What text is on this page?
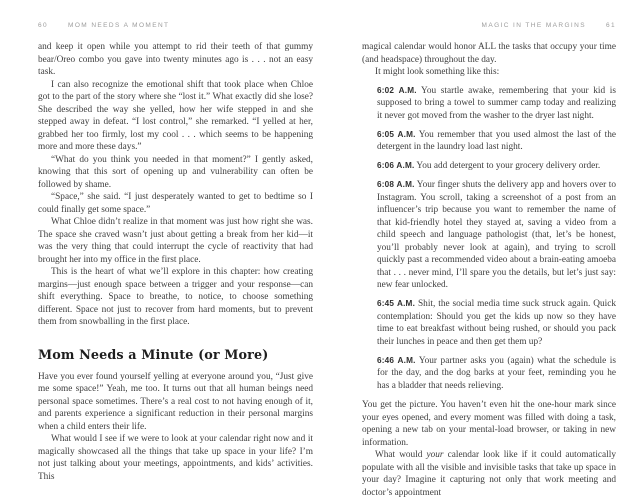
60	MOM NEEDS A MOMENT

and keep it open while you attempt to rid their teeth of that gummy bear/Oreo combo you gave into twenty minutes ago is . . . not an easy task.

I can also recognize the emotional shift that took place when Chloe got to the part of the story where she “lost it.” What exactly did she lose? She described the way she yelled, how her wife stepped in and she stepped away in defeat. “I lost control,” she remarked. “I yelled at her, grabbed her too firmly, lost my cool . . . which seems to be happening more and more these days.”

“What do you think you needed in that moment?” I gently asked, knowing that this sort of opening up and vulnerability can often be followed by shame.

“Space,” she said. “I just desperately wanted to get to bedtime so I could finally get some space.”

What Chloe didn’t realize in that moment was just how right she was. The space she craved wasn’t just about getting a break from her kid—it was the very thing that could interrupt the cycle of reactivity that had brought her into my office in the first place.

This is the heart of what we’ll explore in this chapter: how creating margins—just enough space between a trigger and your response—can shift everything. Space to breathe, to notice, to choose something different. Space not just to recover from hard moments, but to prevent them from snowballing in the first place.

Mom Needs a Minute (or More)

Have you ever found yourself yelling at everyone around you, “Just give me some space!” Yeah, me too. It turns out that all human beings need personal space sometimes. There’s a real cost to not having enough of it, and parents experience a significant reduction in their personal margins when a child enters their life.

What would I see if we were to look at your calendar right now and it magically showcased all the things that take up space in your life? I’m not just talking about your meetings, appointments, and kids’ activities. This

MAGIC IN THE MARGINS	61

magical calendar would honor ALL the tasks that occupy your time (and headspace) throughout the day.

It might look something like this:

6:02 A.M. You startle awake, remembering that your kid is supposed to bring a towel to summer camp today and realizing it never got moved from the washer to the dryer last night.

6:05 A.M. You remember that you used almost the last of the detergent in the laundry load last night.

6:06 A.M. You add detergent to your grocery delivery order.

6:08 A.M. Your finger shuts the delivery app and hovers over to Instagram. You scroll, taking a screenshot of a post from an influencer’s trip because you want to remember the name of that kid-friendly hotel they stayed at, saving a video from a child speech and language pathologist (that, let’s be honest, you’ll probably never look at again), and trying to scroll quickly past a recommended video about a brain-eating amoeba that . . . never mind, I’ll spare you the details, but let’s just say: new fear unlocked.

6:45 A.M. Shit, the social media time suck struck again. Quick contemplation: Should you get the kids up now so they have time to eat breakfast without being rushed, or should you pack their lunches in peace and then get them up?

6:46 A.M. Your partner asks you (again) what the schedule is for the day, and the dog barks at your feet, reminding you he has a bladder that needs relieving.

You get the picture. You haven’t even hit the one-hour mark since your eyes opened, and every moment was filled with doing a task, opening a new tab on your mental-load browser, or taking in new information.

What would your calendar look like if it could automatically populate with all the visible and invisible tasks that take up space in your day? Imagine it capturing not only that work meeting and doctor’s appointment
